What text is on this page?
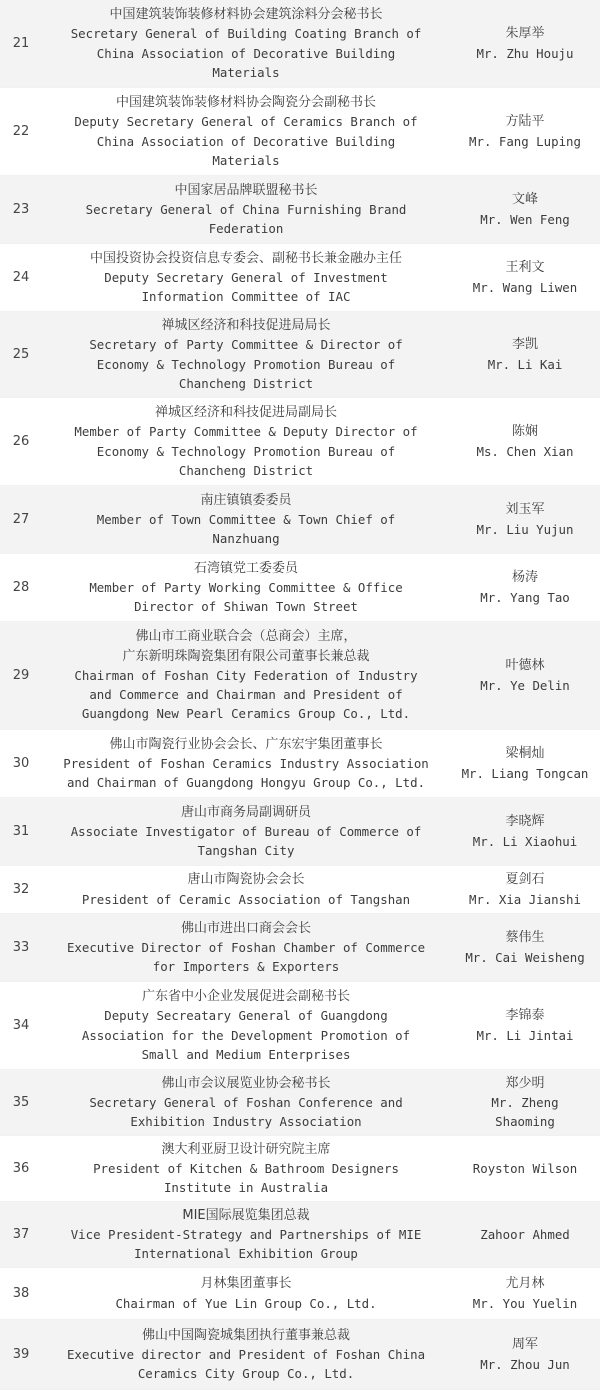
21
中国建筑装饰装修材料协会建筑涂料分会秘书长
Secretary General of Building Coating Branch of
China Association of Decorative Building
Materials
朱厚举
Mr. Zhu Houju
22
中国建筑装饰装修材料协会陶瓷分会副秘书长
Deputy Secretary General of Ceramics Branch of
China Association of Decorative Building
Materials
方陆平
Mr. Fang Luping
23
中国家居品牌联盟秘书长
Secretary General of China Furnishing Brand
Federation
文峰
Mr. Wen Feng
24
中国投资协会投资信息专委会、副秘书长兼金融办主任
Deputy Secretary General of Investment
Information Committee of IAC
王利文
Mr. Wang Liwen
25
禅城区经济和科技促进局局长
Secretary of Party Committee & Director of
Economy & Technology Promotion Bureau of
Chancheng District
李凯
Mr. Li Kai
26
禅城区经济和科技促进局副局长
Member of Party Committee & Deputy Director of
Economy & Technology Promotion Bureau of
Chancheng District
陈娴
Ms. Chen Xian
27
南庄镇镇委委员
Member of Town Committee & Town Chief of
Nanzhuang
刘玉军
Mr. Liu Yujun
28
石湾镇党工委委员
Member of Party Working Committee & Office
Director of Shiwan Town Street
杨涛
Mr. Yang Tao
29
佛山市工商业联合会（总商会）主席，
广东新明珠陶瓷集团有限公司董事长兼总裁
Chairman of Foshan City Federation of Industry
and Commerce and Chairman and President of
Guangdong New Pearl Ceramics Group Co., Ltd.
叶德林
Mr. Ye Delin
30
佛山市陶瓷行业协会会长、广东宏宇集团董事长
President of Foshan Ceramics Industry Association
and Chairman of Guangdong Hongyu Group Co., Ltd.
梁桐灿
Mr. Liang Tongcan
31
唐山市商务局副调研员
Associate Investigator of Bureau of Commerce of
Tangshan City
李晓辉
Mr. Li Xiaohui
32
唐山市陶瓷协会会长
President of Ceramic Association of Tangshan
夏剑石
Mr. Xia Jianshi
33
佛山市进出口商会会长
Executive Director of Foshan Chamber of Commerce
for Importers & Exporters
蔡伟生
Mr. Cai Weisheng
34
广东省中小企业发展促进会副秘书长
Deputy Secreatary General of Guangdong
Association for the Development Promotion of
Small and Medium Enterprises
李锦泰
Mr. Li Jintai
35
佛山市会议展览业协会秘书长
Secretary General of Foshan Conference and
Exhibition Industry Association
郑少明
Mr. Zheng
Shaoming
36
澳大利亚厨卫设计研究院主席
President of Kitchen & Bathroom Designers
Institute in Australia
Royston Wilson
37
MIE国际展览集团总裁
Vice President-Strategy and Partnerships of MIE
International Exhibition Group
Zahoor Ahmed
38
月林集团董事长
Chairman of Yue Lin Group Co., Ltd.
尤月林
Mr. You Yuelin
39
佛山中国陶瓷城集团执行董事兼总裁
Executive director and President of Foshan China
Ceramics City Group Co., Ltd.
周军
Mr. Zhou Jun
